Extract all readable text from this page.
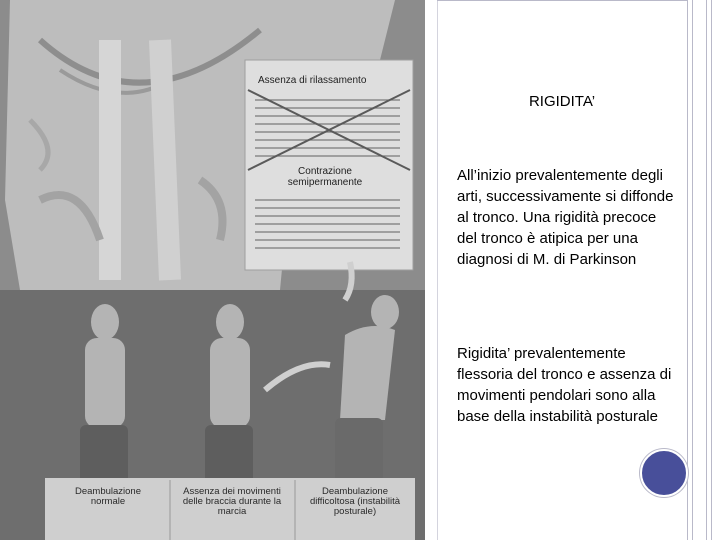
Assenza di rilassamento
Contrazione semipermanente
Deambulazione normale
Assenza dei movimenti delle braccia durante la marcia
Deambulazione difficoltosa (instabilità posturale)
RIGIDITA’

All’inizio prevalentemente degli arti, successivamente si diffonde al tronco. Una rigidità precoce del tronco è atipica per una diagnosi di M. di Parkinson

Rigidita’ prevalentemente flessoria del tronco e assenza di movimenti pendolari sono alla base della instabilità posturale
